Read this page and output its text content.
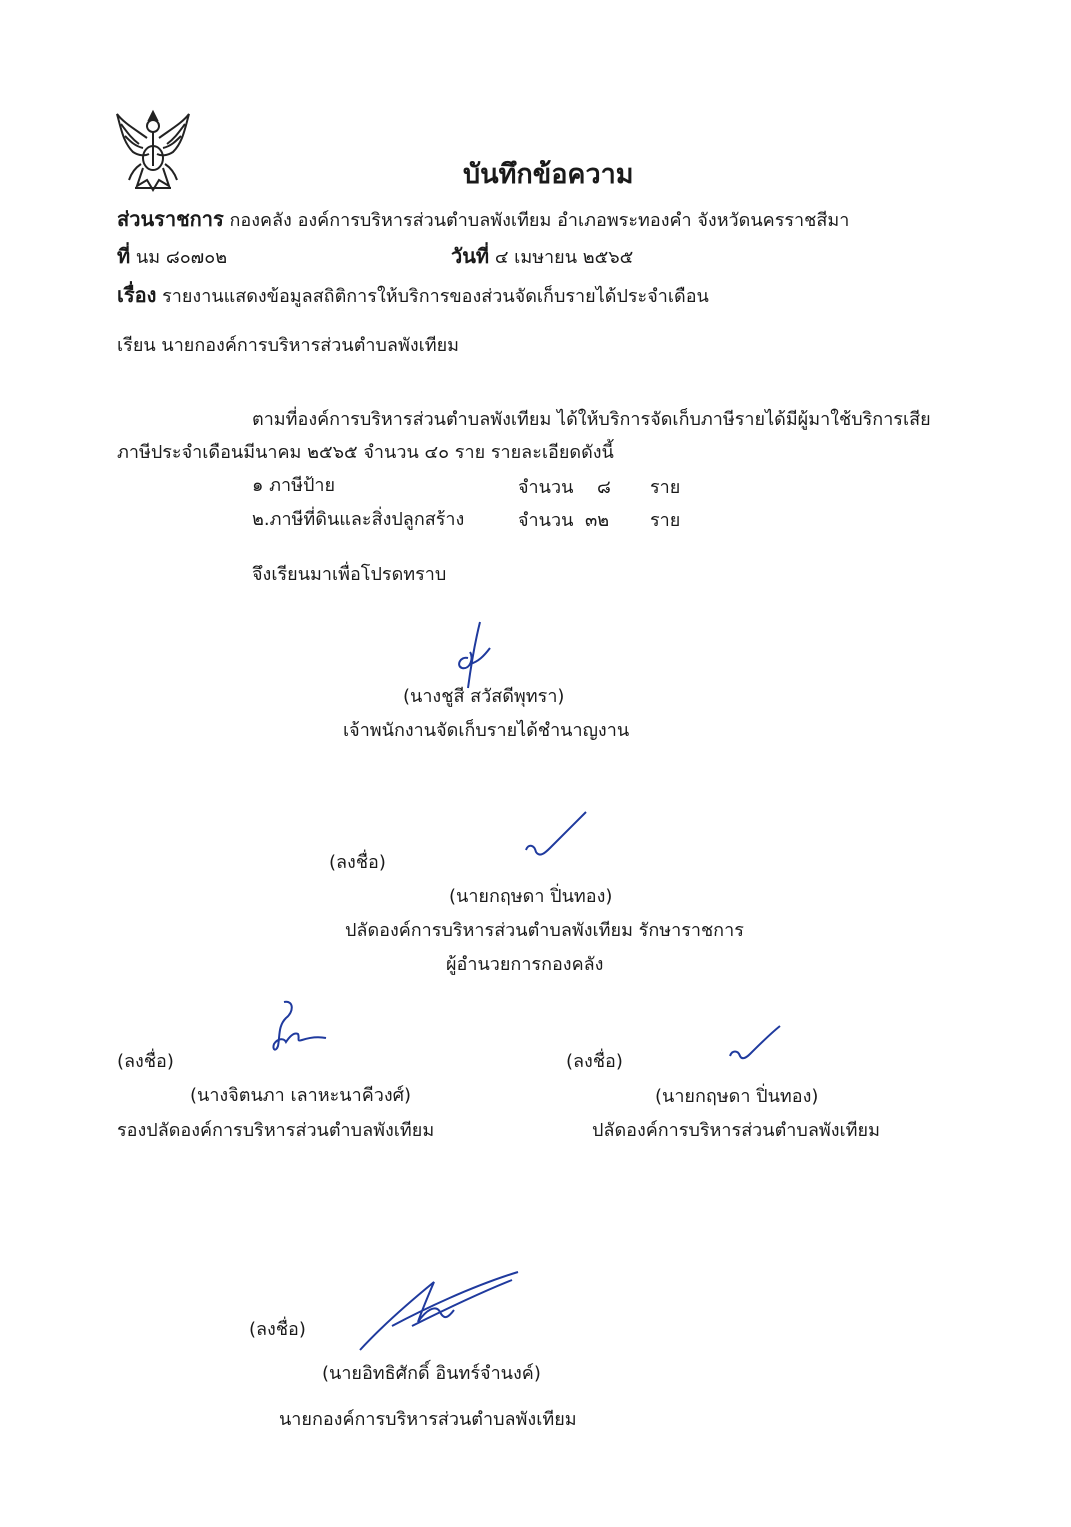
บันทึกข้อความ
ส่วนราชการ กองคลัง องค์การบริหารส่วนตำบลพังเทียม อำเภอพระทองคำ จังหวัดนครราชสีมา
ที่ นม ๘๐๗๐๒	วันที่ ๔ เมษายน ๒๕๖๕
เรื่อง รายงานแสดงข้อมูลสถิติการให้บริการของส่วนจัดเก็บรายได้ประจำเดือน
เรียน นายกองค์การบริหารส่วนตำบลพังเทียม
ตามที่องค์การบริหารส่วนตำบลพังเทียม ได้ให้บริการจัดเก็บภาษีรายได้มีผู้มาใช้บริการเสีย
ภาษีประจำเดือนมีนาคม ๒๕๖๕ จำนวน ๔๐ ราย รายละเอียดดังนี้
๑ ภาษีป้าย	จำนวน ๘ ราย
๒.ภาษีที่ดินและสิ่งปลูกสร้าง	จำนวน ๓๒ ราย
จึงเรียนมาเพื่อโปรดทราบ
(นางชูสี สวัสดีพุทรา)
เจ้าพนักงานจัดเก็บรายได้ชำนาญงาน
(ลงชื่อ)
(นายกฤษดา ปิ่นทอง)
ปลัดองค์การบริหารส่วนตำบลพังเทียม รักษาราชการ
ผู้อำนวยการกองคลัง
(ลงชื่อ)
(นางจิตนภา เลาหะนาคีวงศ์)
รองปลัดองค์การบริหารส่วนตำบลพังเทียม
(ลงชื่อ)
(นายกฤษดา ปิ่นทอง)
ปลัดองค์การบริหารส่วนตำบลพังเทียม
(ลงชื่อ)
(นายอิทธิศักดิ์ อินทร์จำนงค์)
นายกองค์การบริหารส่วนตำบลพังเทียม
